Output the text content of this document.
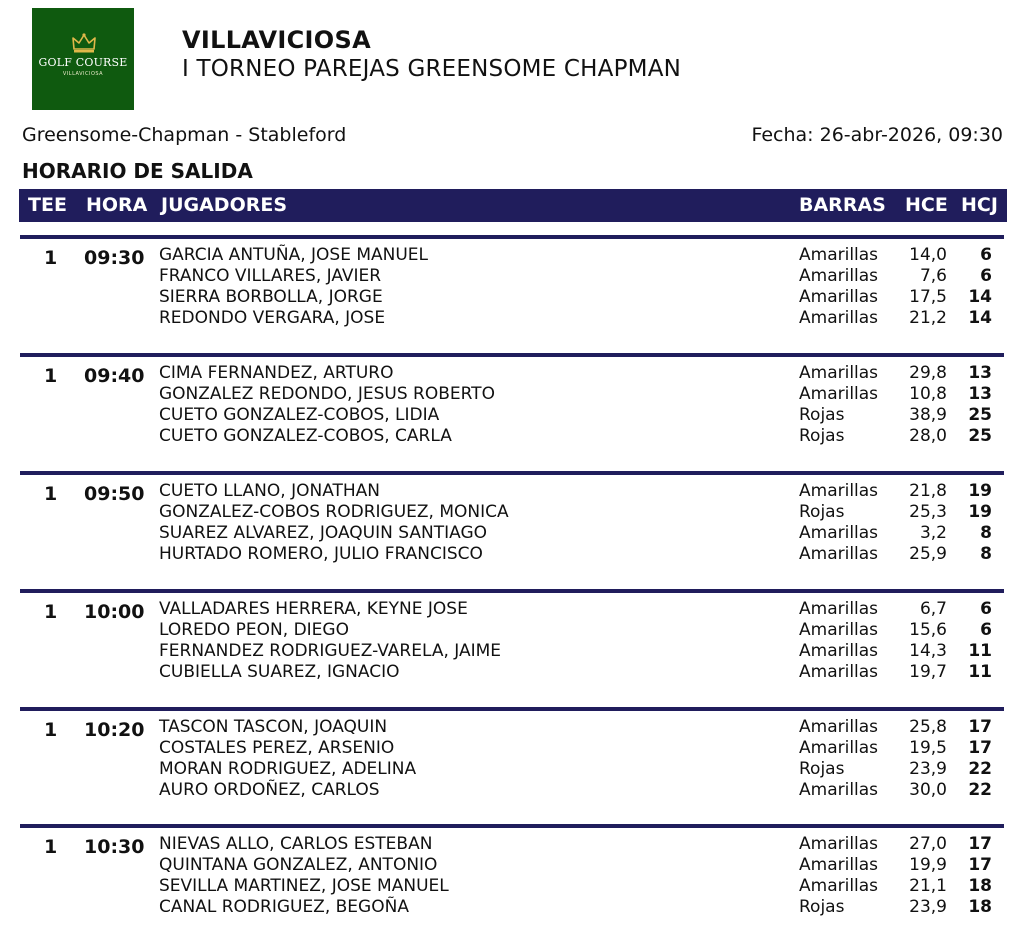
GOLF COURSE
VILLAVICIOSA
VILLAVICIOSA
I TORNEO PAREJAS GREENSOME CHAPMAN
Greensome-Chapman - Stableford	Fecha: 26-abr-2026, 09:30
HORARIO DE SALIDA
TEE HORA JUGADORES	BARRAS HCE HCJ
1 09:30 GARCIA ANTUÑA, JOSE MANUEL	Amarillas	14,0	6
FRANCO VILLARES, JAVIER	Amarillas	7,6	6
SIERRA BORBOLLA, JORGE	Amarillas	17,5	14
REDONDO VERGARA, JOSE	Amarillas	21,2	14
1 09:40 CIMA FERNANDEZ, ARTURO	Amarillas	29,8	13
GONZALEZ REDONDO, JESUS ROBERTO	Amarillas	10,8	13
CUETO GONZALEZ-COBOS, LIDIA	Rojas	38,9	25
CUETO GONZALEZ-COBOS, CARLA	Rojas	28,0	25
1 09:50 CUETO LLANO, JONATHAN	Amarillas	21,8	19
GONZALEZ-COBOS RODRIGUEZ, MONICA	Rojas	25,3	19
SUAREZ ALVAREZ, JOAQUIN SANTIAGO	Amarillas	3,2	8
HURTADO ROMERO, JULIO FRANCISCO	Amarillas	25,9	8
1 10:00 VALLADARES HERRERA, KEYNE JOSE	Amarillas	6,7	6
LOREDO PEON, DIEGO	Amarillas	15,6	6
FERNANDEZ RODRIGUEZ-VARELA, JAIME	Amarillas	14,3	11
CUBIELLA SUAREZ, IGNACIO	Amarillas	19,7	11
1 10:20 TASCON TASCON, JOAQUIN	Amarillas	25,8	17
COSTALES PEREZ, ARSENIO	Amarillas	19,5	17
MORAN RODRIGUEZ, ADELINA	Rojas	23,9	22
AURO ORDOÑEZ, CARLOS	Amarillas	30,0	22
1 10:30 NIEVAS ALLO, CARLOS ESTEBAN	Amarillas	27,0	17
QUINTANA GONZALEZ, ANTONIO	Amarillas	19,9	17
SEVILLA MARTINEZ, JOSE MANUEL	Amarillas	21,1	18
CANAL RODRIGUEZ, BEGOÑA	Rojas	23,9	18
